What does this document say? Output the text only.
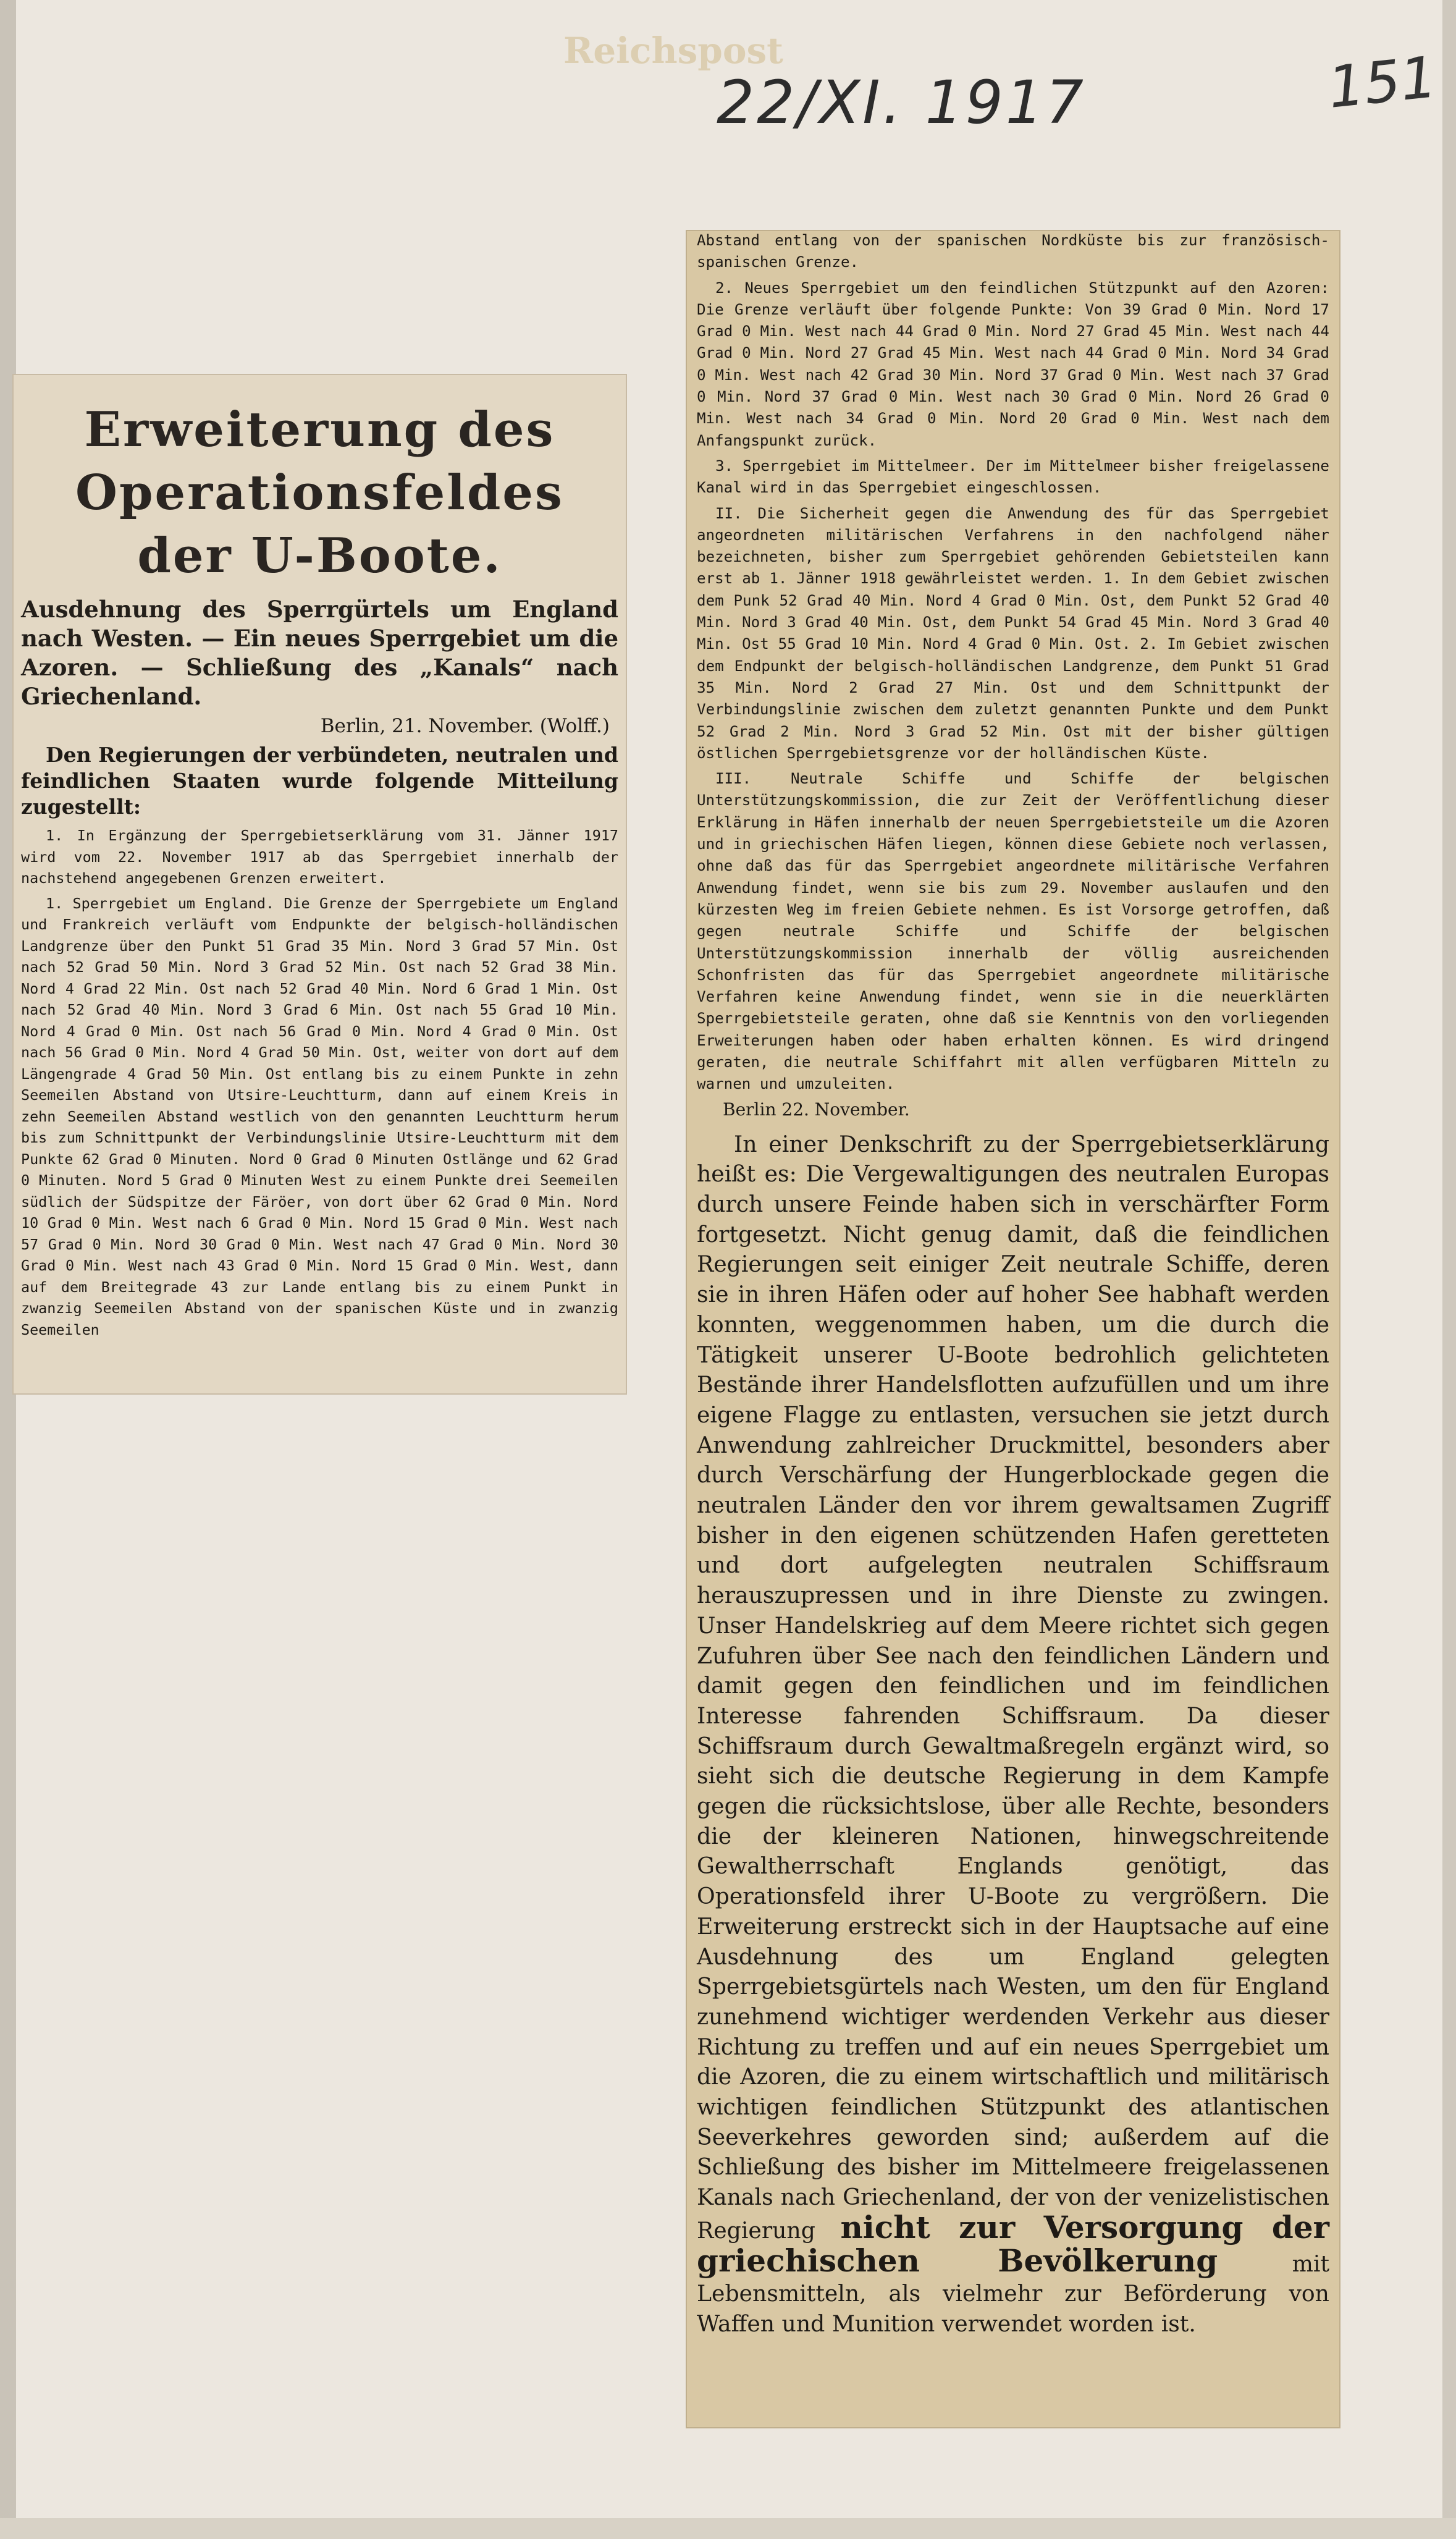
Reichspost
22/XI. 1917	151
Erweiterung des Operationsfeldes der U-Boote.
Ausdehnung des Sperrgürtels um England nach Westen. — Ein neues Sperrgebiet um die Azoren. — Schließung des „Kanals“ nach Griechenland.
Berlin, 21. November. (Wolff.)
Den Regierungen der verbündeten, neutralen und feindlichen Staaten wurde folgende Mitteilung zugestellt:
1. In Ergänzung der Sperrgebietserklärung vom 31. Jänner 1917 wird vom 22. November 1917 ab das Sperrgebiet innerhalb der nachstehend angegebenen Grenzen erweitert.
1. Sperrgebiet um England. Die Grenze der Sperrgebiete um England und Frankreich verläuft vom Endpunkte der belgisch-holländischen Landgrenze über den Punkt 51 Grad 35 Min. Nord 3 Grad 57 Min. Ost nach 52 Grad 50 Min. Nord 3 Grad 52 Min. Ost nach 52 Grad 38 Min. Nord 4 Grad 22 Min. Ost nach 52 Grad 40 Min. Nord 6 Grad 1 Min. Ost nach 52 Grad 40 Min. Nord 3 Grad 6 Min. Ost nach 55 Grad 10 Min. Nord 4 Grad 0 Min. Ost nach 56 Grad 0 Min. Nord 4 Grad 0 Min. Ost nach 56 Grad 0 Min. Nord 4 Grad 50 Min. Ost, weiter von dort auf dem Längengrade 4 Grad 50 Min. Ost entlang bis zu einem Punkte in zehn Seemeilen Abstand von Utsire-Leuchtturm, dann auf einem Kreis in zehn Seemeilen Abstand westlich von den genannten Leuchtturm herum bis zum Schnittpunkt der Verbindungslinie Utsire-Leuchtturm mit dem Punkte 62 Grad 0 Minuten. Nord 0 Grad 0 Minuten Ostlänge und 62 Grad 0 Minuten. Nord 5 Grad 0 Minuten West zu einem Punkte drei Seemeilen südlich der Südspitze der Färöer, von dort über 62 Grad 0 Min. Nord 10 Grad 0 Min. West nach 6 Grad 0 Min. Nord 15 Grad 0 Min. West nach 57 Grad 0 Min. Nord 30 Grad 0 Min. West nach 47 Grad 0 Min. Nord 30 Grad 0 Min. West nach 43 Grad 0 Min. Nord 15 Grad 0 Min. West, dann auf dem Breitegrade 43 zur Lande entlang bis zu einem Punkt in zwanzig Seemeilen Abstand von der spanischen Küste und in zwanzig Seemeilen
Abstand entlang von der spanischen Nordküste bis zur französisch-spanischen Grenze.
2. Neues Sperrgebiet um den feindlichen Stützpunkt auf den Azoren: Die Grenze verläuft über folgende Punkte: Von 39 Grad 0 Min. Nord 17 Grad 0 Min. West nach 44 Grad 0 Min. Nord 27 Grad 45 Min. West nach 44 Grad 0 Min. Nord 27 Grad 45 Min. West nach 44 Grad 0 Min. Nord 34 Grad 0 Min. West nach 42 Grad 30 Min. Nord 37 Grad 0 Min. West nach 37 Grad 0 Min. Nord 37 Grad 0 Min. West nach 30 Grad 0 Min. Nord 26 Grad 0 Min. West nach 34 Grad 0 Min. Nord 20 Grad 0 Min. West nach dem Anfangspunkt zurück.
3. Sperrgebiet im Mittelmeer. Der im Mittelmeer bisher freigelassene Kanal wird in das Sperrgebiet eingeschlossen.
II. Die Sicherheit gegen die Anwendung des für das Sperrgebiet angeordneten militärischen Verfahrens in den nachfolgend näher bezeichneten, bisher zum Sperrgebiet gehörenden Gebietsteilen kann erst ab 1. Jänner 1918 gewährleistet werden. 1. In dem Gebiet zwischen dem Punk 52 Grad 40 Min. Nord 4 Grad 0 Min. Ost, dem Punkt 52 Grad 40 Min. Nord 3 Grad 40 Min. Ost, dem Punkt 54 Grad 45 Min. Nord 3 Grad 40 Min. Ost 55 Grad 10 Min. Nord 4 Grad 0 Min. Ost. 2. Im Gebiet zwischen dem Endpunkt der belgisch-holländischen Landgrenze, dem Punkt 51 Grad 35 Min. Nord 2 Grad 27 Min. Ost und dem Schnittpunkt der Verbindungslinie zwischen dem zuletzt genannten Punkte und dem Punkt 52 Grad 2 Min. Nord 3 Grad 52 Min. Ost mit der bisher gültigen östlichen Sperrgebietsgrenze vor der holländischen Küste.
III. Neutrale Schiffe und Schiffe der belgischen Unterstützungskommission, die zur Zeit der Veröffentlichung dieser Erklärung in Häfen innerhalb der neuen Sperrgebietsteile um die Azoren und in griechischen Häfen liegen, können diese Gebiete noch verlassen, ohne daß das für das Sperrgebiet angeordnete militärische Verfahren Anwendung findet, wenn sie bis zum 29. November auslaufen und den kürzesten Weg im freien Gebiete nehmen. Es ist Vorsorge getroffen, daß gegen neutrale Schiffe und Schiffe der belgischen Unterstützungskommission innerhalb der völlig ausreichenden Schonfristen das für das Sperrgebiet angeordnete militärische Verfahren keine Anwendung findet, wenn sie in die neuerklärten Sperrgebietsteile geraten, ohne daß sie Kenntnis von den vorliegenden Erweiterungen haben oder haben erhalten können. Es wird dringend geraten, die neutrale Schiffahrt mit allen verfügbaren Mitteln zu warnen und umzuleiten.
Berlin 22. November.
In einer Denkschrift zu der Sperrgebietserklärung heißt es: Die Vergewaltigungen des neutralen Europas durch unsere Feinde haben sich in verschärfter Form fortgesetzt. Nicht genug damit, daß die feindlichen Regierungen seit einiger Zeit neutrale Schiffe, deren sie in ihren Häfen oder auf hoher See habhaft werden konnten, weggenommen haben, um die durch die Tätigkeit unserer U-Boote bedrohlich gelichteten Bestände ihrer Handelsflotten aufzufüllen und um ihre eigene Flagge zu entlasten, versuchen sie jetzt durch Anwendung zahlreicher Druckmittel, besonders aber durch Verschärfung der Hungerblockade gegen die neutralen Länder den vor ihrem gewaltsamen Zugriff bisher in den eigenen schützenden Hafen geretteten und dort aufgelegten neutralen Schiffsraum herauszupressen und in ihre Dienste zu zwingen. Unser Handelskrieg auf dem Meere richtet sich gegen Zufuhren über See nach den feindlichen Ländern und damit gegen den feindlichen und im feindlichen Interesse fahrenden Schiffsraum. Da dieser Schiffsraum durch Gewaltmaßregeln ergänzt wird, so sieht sich die deutsche Regierung in dem Kampfe gegen die rücksichtslose, über alle Rechte, besonders die der kleineren Nationen, hinwegschreitende Gewaltherrschaft Englands genötigt, das Operationsfeld ihrer U-Boote zu vergrößern. Die Erweiterung erstreckt sich in der Hauptsache auf eine Ausdehnung des um England gelegten Sperrgebietsgürtels nach Westen, um den für England zunehmend wichtiger werdenden Verkehr aus dieser Richtung zu treffen und auf ein neues Sperrgebiet um die Azoren, die zu einem wirtschaftlich und militärisch wichtigen feindlichen Stützpunkt des atlantischen Seeverkehres geworden sind; außerdem auf die Schließung des bisher im Mittelmeere freigelassenen Kanals nach Griechenland, der von der venizelistischen Regierung nicht zur Versorgung der griechischen Bevölkerung	mit Lebensmitteln, als vielmehr zur Beförderung von Waffen und Munition verwendet worden ist.
